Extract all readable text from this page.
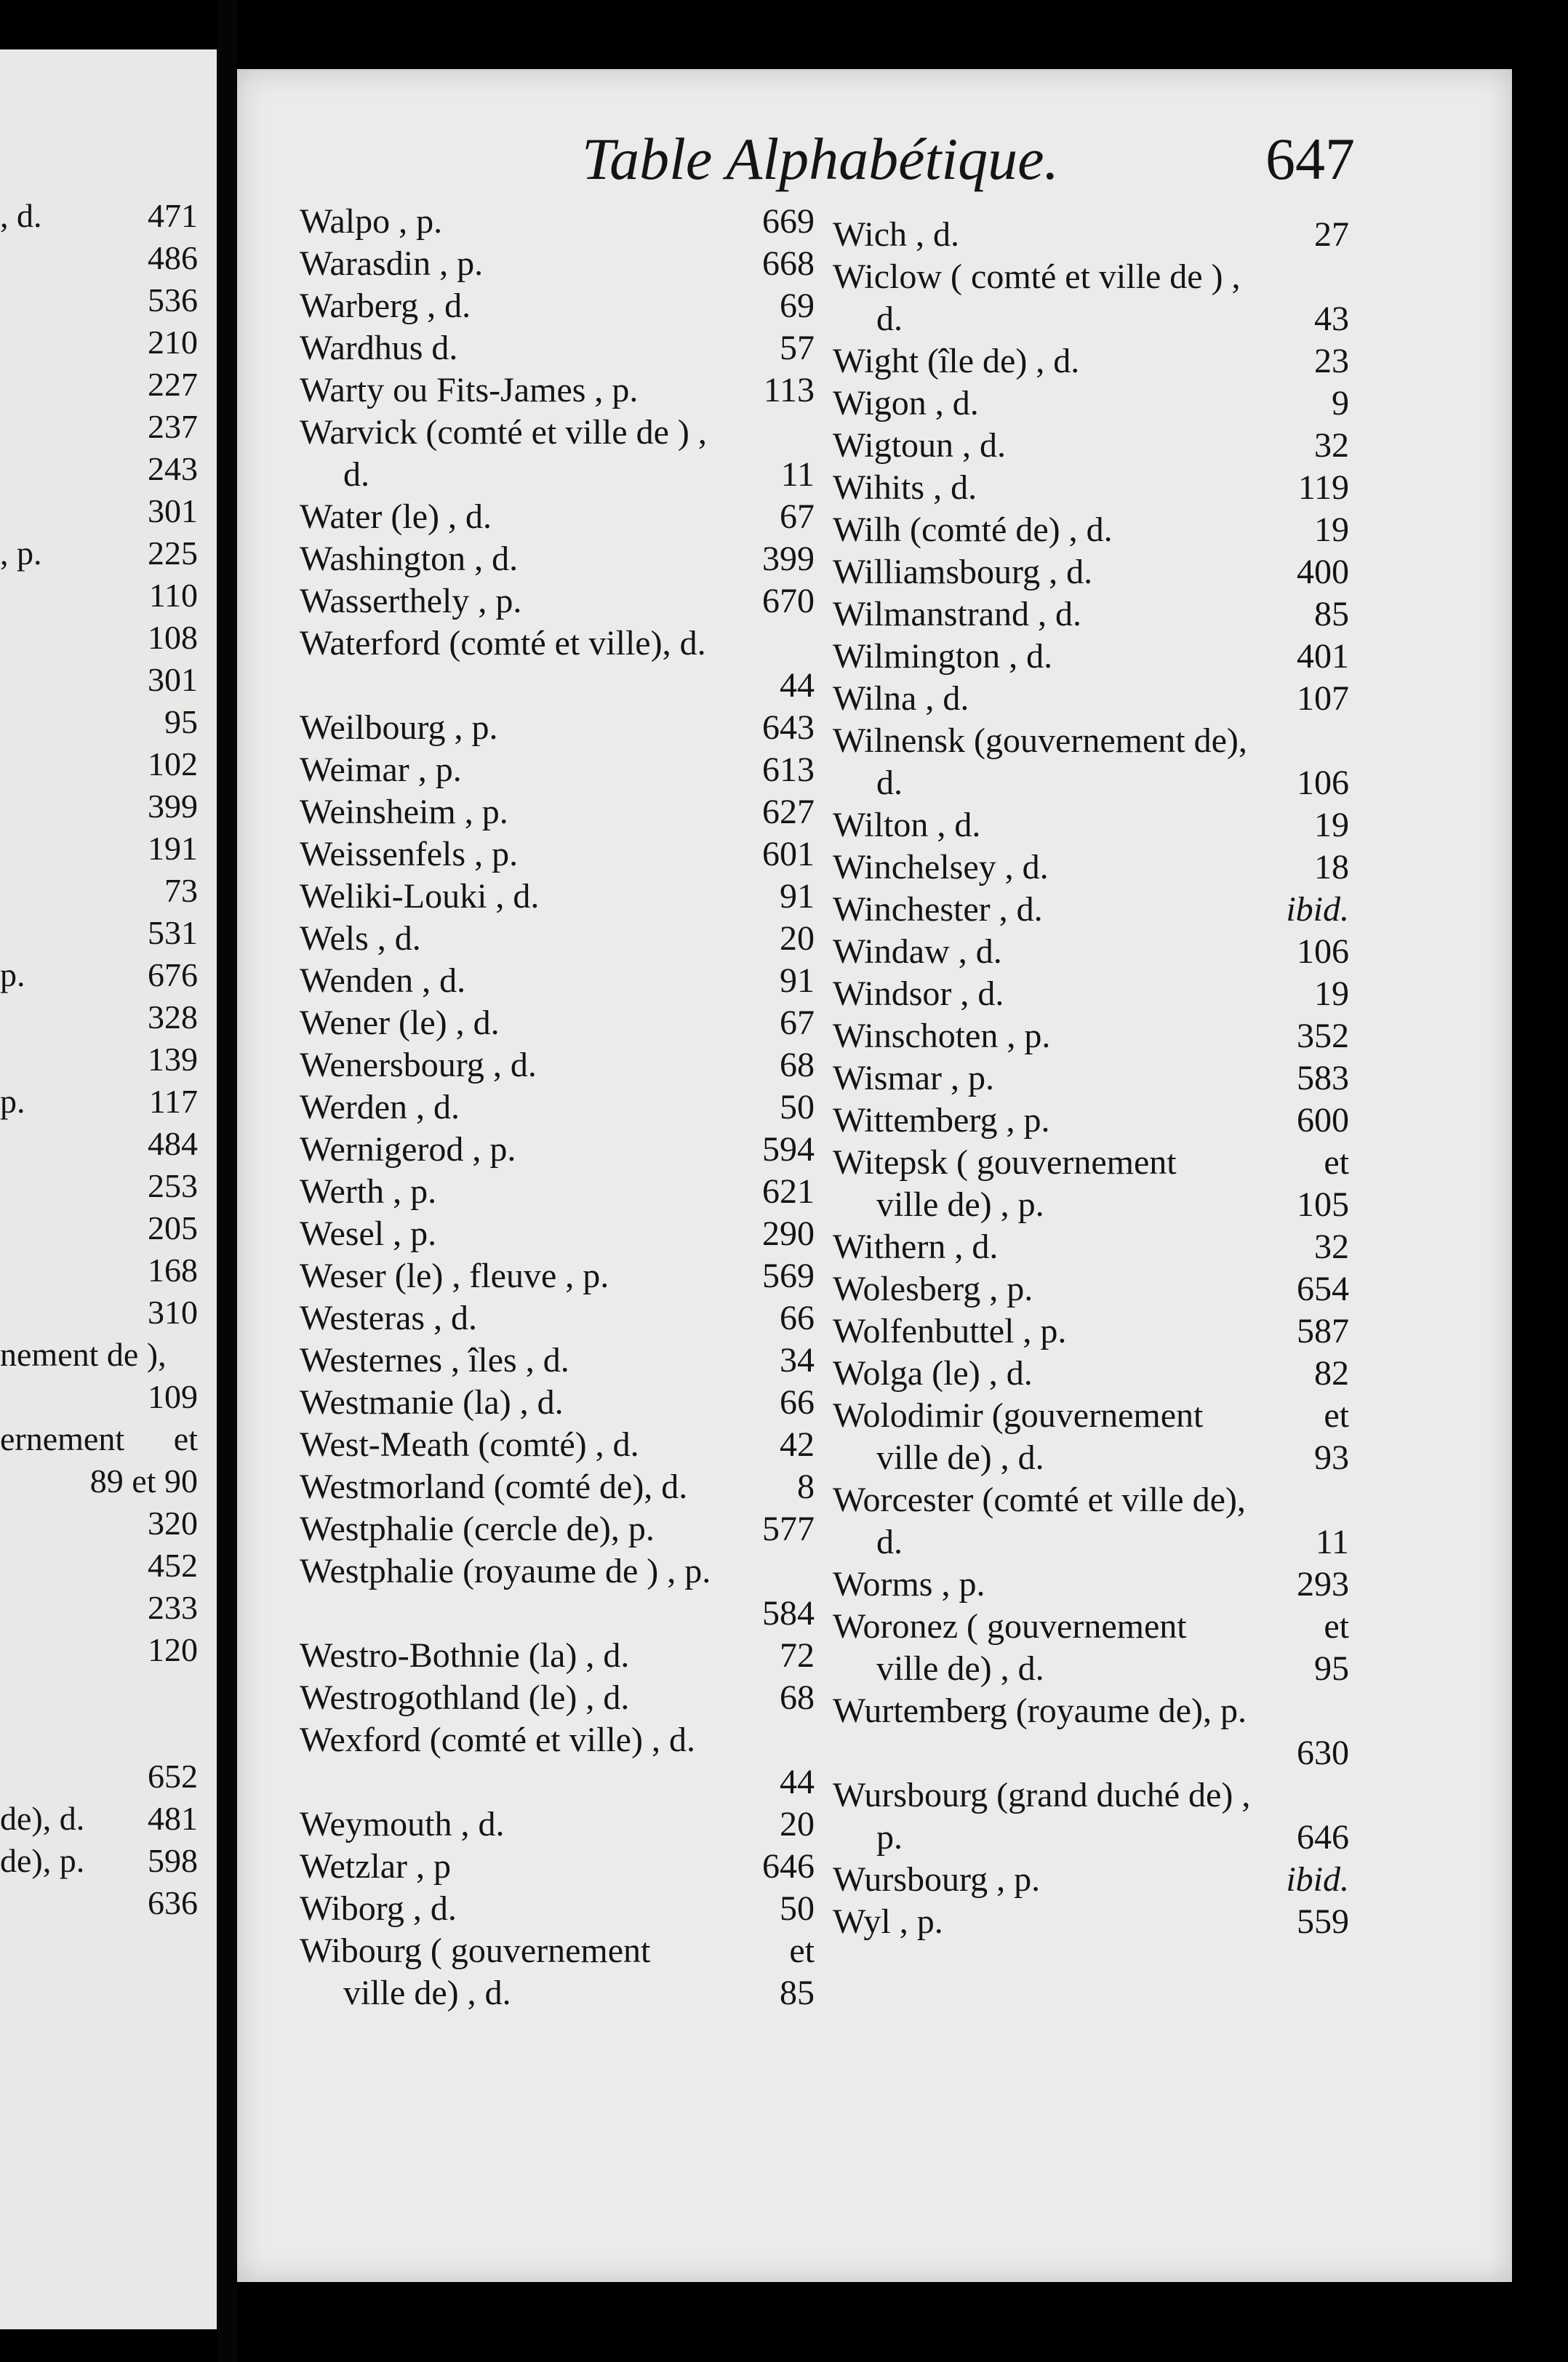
Table Alphabétique.	647
, d.	471
486
536
210
227
237
243
301
, p.	225
110
108
301
95
102
399
191
73
531
p.	676
328
139
p.	117
484
253
205
168
310
nement de ),
109
ernement et
89 et 90
320
452
233
120
652
de), d. 481
de), p. 598
636
Walpo , p.	669
Warasdin , p.	668
Warberg , d.	69
Wardhus d.	57
Warty ou Fits-James , p.	113
Warvick (comté et ville de ) ,
d.	11
Water (le) , d.	67
Washington , d.	399
Wasserthely , p.	670
Waterford (comté et ville), d.
44
Weilbourg , p.	643
Weimar , p.	613
Weinsheim , p.	627
Weissenfels , p.	601
Weliki-Louki , d.	91
Wels , d.	20
Wenden , d.	91
Wener (le) , d.	67
Wenersbourg , d.	68
Werden , d.	50
Wernigerod , p.	594
Werth , p.	621
Wesel , p.	290
Weser (le) , fleuve , p.	569
Westeras , d.	66
Westernes , îles , d.	34
Westmanie (la) , d.	66
West-Meath (comté) , d.	42
Westmorland (comté de), d.	8
Westphalie (cercle de), p.	577
Westphalie (royaume de ) , p.
584
Westro-Bothnie (la) , d.	72
Westrogothland (le) , d.	68
Wexford (comté et ville) , d.
44
Weymouth , d.	20
Wetzlar , p	646
Wiborg , d.	50
Wibourg ( gouvernement	et
ville de) , d.	85
Wich , d.	27
Wiclow ( comté et ville de ) ,
d.	43
Wight (île de) , d.	23
Wigon , d.	9
Wigtoun , d.	32
Wihits , d.	119
Wilh (comté de) , d.	19
Williamsbourg , d.	400
Wilmanstrand , d.	85
Wilmington , d.	401
Wilna , d.	107
Wilnensk (gouvernement de),
d.	106
Wilton , d.	19
Winchelsey , d.	18
Winchester , d.	ibid.
Windaw , d.	106
Windsor , d.	19
Winschoten , p.	352
Wismar , p.	583
Wittemberg , p.	600
Witepsk ( gouvernement	et
ville de) , p.	105
Withern , d.	32
Wolesberg , p.	654
Wolfenbuttel , p.	587
Wolga (le) , d.	82
Wolodimir (gouvernement	et
ville de) , d.	93
Worcester (comté et ville de),
d.	11
Worms , p.	293
Woronez ( gouvernement	et
ville de) , d.	95
Wurtemberg (royaume de), p.
630
Wursbourg (grand duché de) ,
p.	646
Wursbourg , p.	ibid.
Wyl , p.	559
